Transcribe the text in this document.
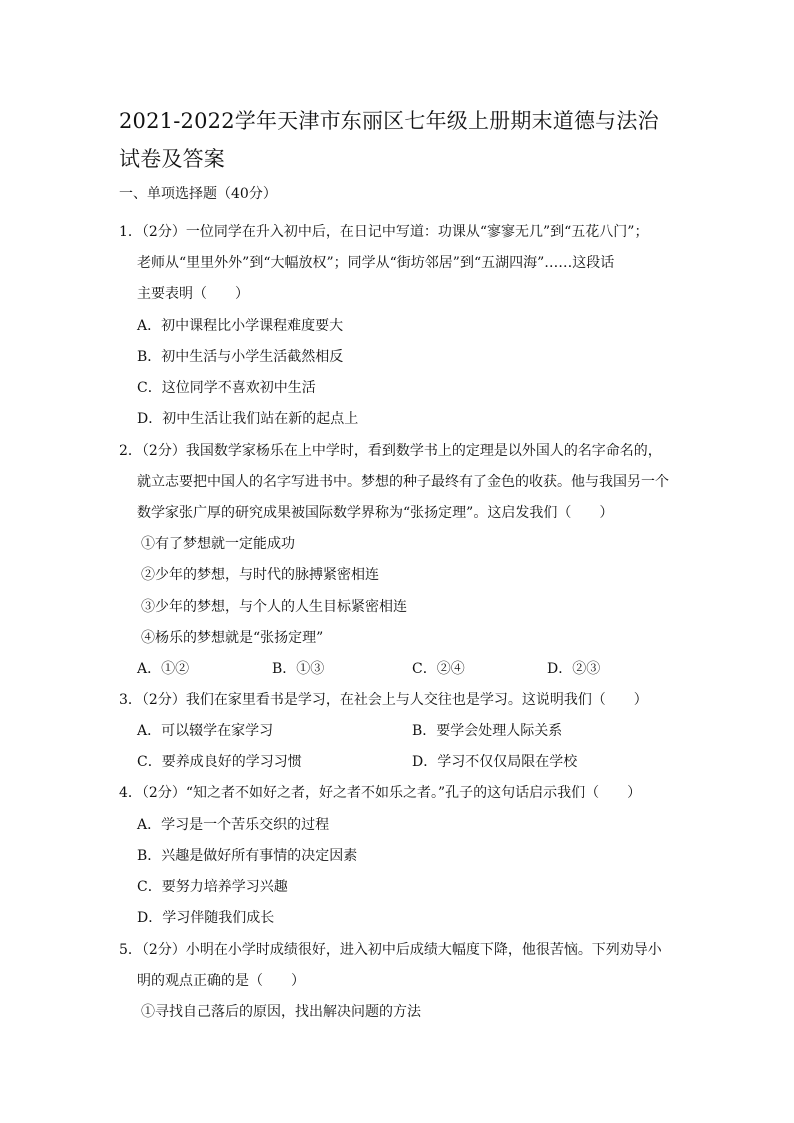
2021-2022学年天津市东丽区七年级上册期末道德与法治试卷及答案
一、单项选择题（40分）
1．（2分）一位同学在升入初中后，在日记中写道：功课从“寥寥无几”到“五花八门”；
老师从“里里外外”到“大幅放权”；同学从“街坊邻居”到“五湖四海”……这段话
主要表明（　　）
A．初中课程比小学课程难度要大
B．初中生活与小学生活截然相反
C．这位同学不喜欢初中生活
D．初中生活让我们站在新的起点上
2．（2分）我国数学家杨乐在上中学时，看到数学书上的定理是以外国人的名字命名的，
就立志要把中国人的名字写进书中。梦想的种子最终有了金色的收获。他与我国另一个
数学家张广厚的研究成果被国际数学界称为“张扬定理”。这启发我们（　　）
①有了梦想就一定能成功
②少年的梦想，与时代的脉搏紧密相连
③少年的梦想，与个人的人生目标紧密相连
④杨乐的梦想就是“张扬定理”
A．①②	B．①③	C．②④	D．②③
3．（2分）我们在家里看书是学习，在社会上与人交往也是学习。这说明我们（　　）
A．可以辍学在家学习	B．要学会处理人际关系
C．要养成良好的学习习惯	D．学习不仅仅局限在学校
4．（2分）“知之者不如好之者，好之者不如乐之者。”孔子的这句话启示我们（　　）
A．学习是一个苦乐交织的过程
B．兴趣是做好所有事情的决定因素
C．要努力培养学习兴趣
D．学习伴随我们成长
5．（2分）小明在小学时成绩很好，进入初中后成绩大幅度下降，他很苦恼。下列劝导小
明的观点正确的是（　　）
①寻找自己落后的原因，找出解决问题的方法
